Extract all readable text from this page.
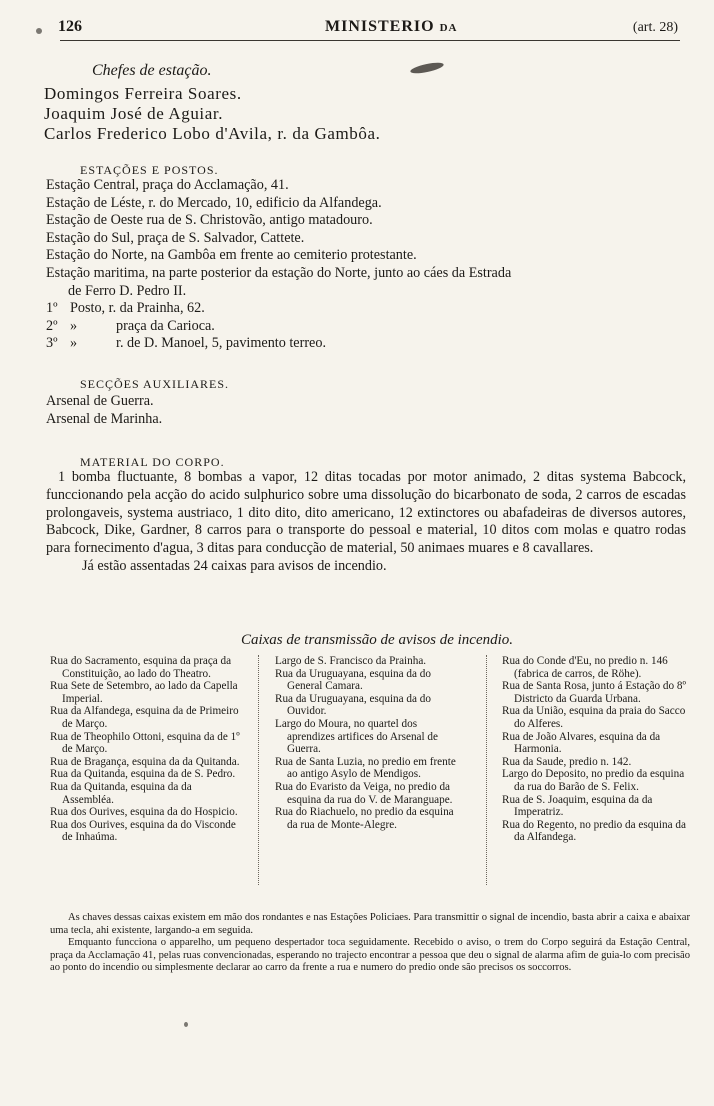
126	MINISTERIO da	(art. 28)
Chefes de estação.
Domingos Ferreira Soares.
Joaquim José de Aguiar.
Carlos Frederico Lobo d'Avila, r. da Gambôa.
ESTAÇÕES E POSTOS.
Estação Central, praça do Acclamação, 41.
Estação de Léste, r. do Mercado, 10, edificio da Alfandega.
Estação de Oeste rua de S. Christovão, antigo matadouro.
Estação do Sul, praça de S. Salvador, Cattete.
Estação do Norte, na Gambôa em frente ao cemiterio protestante.
Estação maritima, na parte posterior da estação do Norte, junto ao cáes da Estrada
de Ferro D. Pedro II.
1º Posto, r. da Prainha, 62.
2º »	praça da Carioca.
3º »	r. de D. Manoel, 5, pavimento terreo.
SECÇÕES AUXILIARES.
Arsenal de Guerra.
Arsenal de Marinha.
MATERIAL DO CORPO.

1 bomba fluctuante, 8 bombas a vapor, 12 ditas tocadas por motor animado, 2 ditas systema Babcock, funccionando pela acção do acido sulphurico sobre uma dissolução do bicarbonato de soda, 2 carros de escadas prolongaveis, systema austriaco, 1 dito dito, dito americano, 12 extinctores ou abafadeiras de diversos autores, Babcock, Dike, Gardner, 8 carros para o transporte do pessoal e material, 10 ditos com molas e quatro rodas para fornecimento d'agua, 3 ditas para conducção de material, 50 animaes muares e 8 cavallares.

Já estão assentadas 24 caixas para avisos de incendio.

Caixas de transmissão de avisos de incendio.

Rua do Sacramento, esquina da praça da Constituição, ao lado do Theatro.

Rua Sete de Setembro, ao lado da Capella Imperial.

Rua da Alfandega, esquina da de Primeiro de Março.

Rua de Theophilo Ottoni, esquina da de 1º de Março.

Rua de Bragança, esquina da da Quitanda.

Rua da Quitanda, esquina da de S. Pedro.

Rua da Quitanda, esquina da da Assembléa.

Rua dos Ourives, esquina da do Hospicio.

Rua dos Ourives, esquina da do Visconde de Inhaúma.

Largo de S. Francisco da Prainha.

Rua da Uruguayana, esquina da do General Camara.

Rua da Uruguayana, esquina da do Ouvidor.

Largo do Moura, no quartel dos aprendizes artifices do Arsenal de Guerra.

Rua de Santa Luzia, no predio em frente ao antigo Asylo de Mendigos.

Rua do Evaristo da Veiga, no predio da esquina da rua do V. de Maranguape.

Rua do Riachuelo, no predio da esquina da rua de Monte-Alegre.

Rua do Conde d'Eu, no predio n. 146 (fabrica de carros, de Röhe).

Rua de Santa Rosa, junto á Estação do 8º Districto da Guarda Urbana.

Rua da União, esquina da praia do Sacco do Alferes.

Rua de João Alvares, esquina da da Harmonia.

Rua da Saude, predio n. 142.

Largo do Deposito, no predio da esquina da rua do Barão de S. Felix.

Rua de S. Joaquim, esquina da da Imperatriz.

Rua do Regento, no predio da esquina da da Alfandega.

As chaves dessas caixas existem em mão dos rondantes e nas Estações Policiaes. Para transmittir o signal de incendio, basta abrir a caixa e abaixar uma tecla, ahi existente, largando-a em seguida.

Emquanto funcciona o apparelho, um pequeno despertador toca seguidamente. Recebido o aviso, o trem do Corpo seguirá da Estação Central, praça da Acclamação 41, pelas ruas convencionadas, esperando no trajecto encontrar a pessoa que deu o signal de alarma afim de guia-lo com precisão ao ponto do incendio ou simplesmente declarar ao carro da frente a rua e numero do predio onde são precisos os soccorros.
